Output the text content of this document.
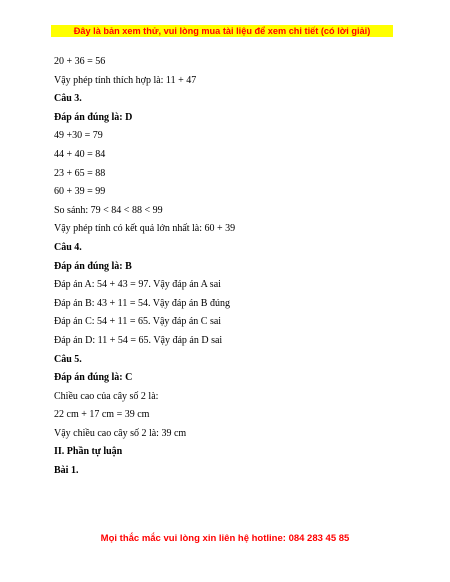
Đây là bản xem thử, vui lòng mua tài liệu để xem chi tiết (có lời giải)
20 + 36 = 56
Vậy phép tính thích hợp là: 11 + 47
Câu 3.
Đáp án đúng là: D
49 +30 = 79
44 + 40 = 84
23 + 65 = 88
60 + 39 = 99
So sánh: 79 < 84 < 88 < 99
Vậy phép tính có kết quả lớn nhất là: 60 + 39
Câu 4.
Đáp án đúng là: B
Đáp án A: 54 + 43 = 97. Vậy đáp án A sai
Đáp án B: 43 + 11 = 54. Vậy đáp án B đúng
Đáp án C: 54 + 11 = 65. Vậy đáp án C sai
Đáp án D: 11 + 54 = 65. Vậy đáp án D sai
Câu 5.
Đáp án đúng là: C
Chiều cao của cây số 2 là:
22 cm + 17 cm = 39 cm
Vậy chiều cao cây số 2 là: 39 cm
II. Phần tự luận
Bài 1.
Mọi thắc mắc vui lòng xin liên hệ hotline: 084 283 45 85
